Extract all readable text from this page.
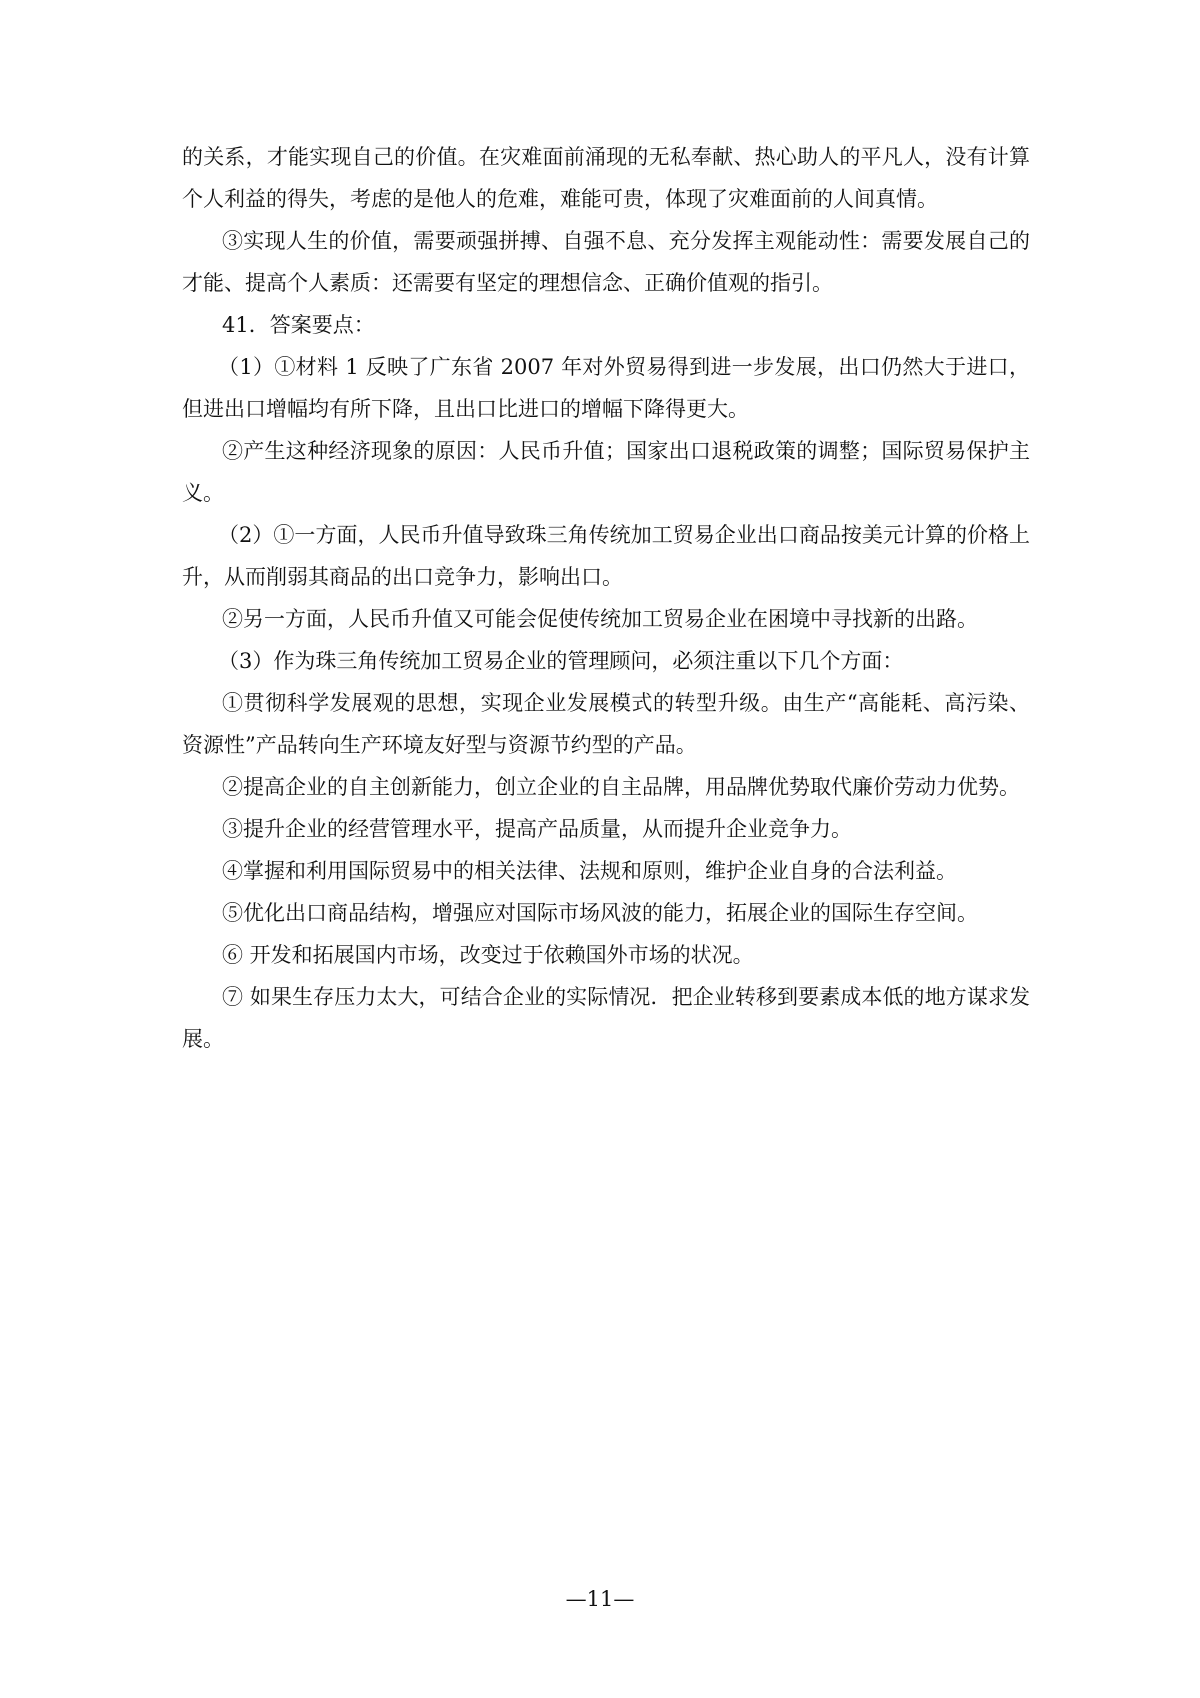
的关系，才能实现自己的价值。在灾难面前涌现的无私奉献、热心助人的平凡人，没有计算个人利益的得失，考虑的是他人的危难，难能可贵，体现了灾难面前的人间真情。

③实现人生的价值，需要顽强拼搏、自强不息、充分发挥主观能动性：需要发展自己的才能、提高个人素质：还需要有坚定的理想信念、正确价值观的指引。

41．答案要点：

（1）①材料 1 反映了广东省 2007 年对外贸易得到进一步发展，出口仍然大于进口，但进出口增幅均有所下降，且出口比进口的增幅下降得更大。

②产生这种经济现象的原因：人民币升值；国家出口退税政策的调整；国际贸易保护主义。

（2）①一方面，人民币升值导致珠三角传统加工贸易企业出口商品按美元计算的价格上升，从而削弱其商品的出口竞争力，影响出口。

②另一方面，人民币升值又可能会促使传统加工贸易企业在困境中寻找新的出路。

（3）作为珠三角传统加工贸易企业的管理顾问，必须注重以下几个方面：

①贯彻科学发展观的思想，实现企业发展模式的转型升级。由生产“高能耗、高污染、资源性”产品转向生产环境友好型与资源节约型的产品。

②提高企业的自主创新能力，创立企业的自主品牌，用品牌优势取代廉价劳动力优势。

③提升企业的经营管理水平，提高产品质量，从而提升企业竞争力。

④掌握和利用国际贸易中的相关法律、法规和原则，维护企业自身的合法利益。

⑤优化出口商品结构，增强应对国际市场风波的能力，拓展企业的国际生存空间。

⑥ 开发和拓展国内市场，改变过于依赖国外市场的状况。

⑦ 如果生存压力太大，可结合企业的实际情况．把企业转移到要素成本低的地方谋求发展。

—11—
